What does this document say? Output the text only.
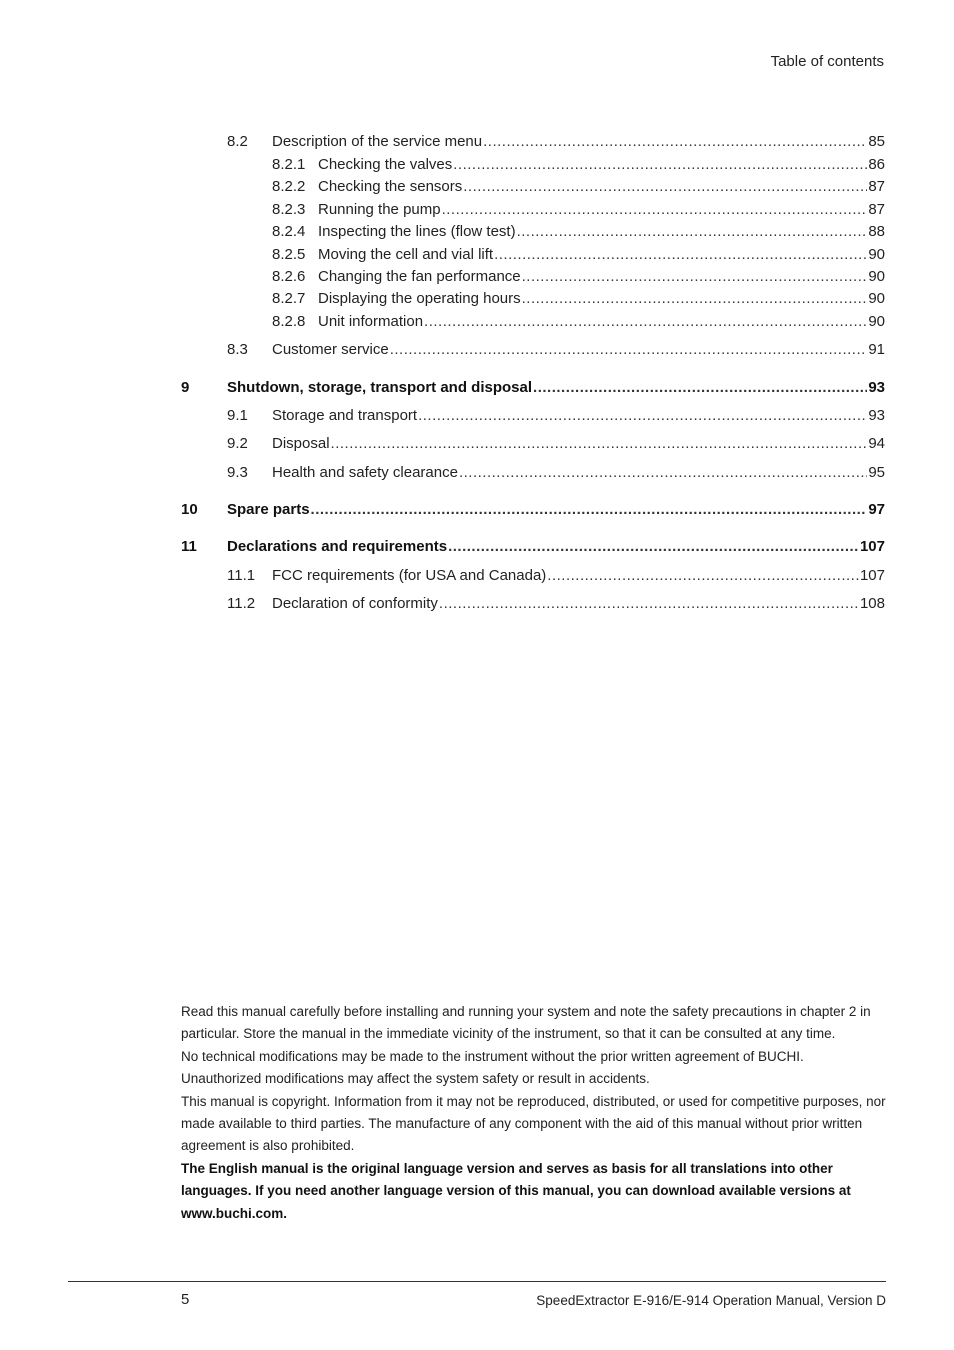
Table of contents
8.2 Description of the service menu .....	85
8.2.1 Checking the valves .....	86
8.2.2 Checking the sensors .....	87
8.2.3 Running the pump .....	87
8.2.4 Inspecting the lines (flow test) .....	88
8.2.5 Moving the cell and vial lift .....	90
8.2.6 Changing the fan performance .....	90
8.2.7 Displaying the operating hours .....	90
8.2.8 Unit information .....	90
8.3 Customer service .....	91
9	Shutdown, storage, transport and disposal .....	93
9.1 Storage and transport .....	93
9.2 Disposal .....	94
9.3 Health and safety clearance .....	95
10 Spare parts .....	97
11 Declarations and requirements .....	107
11.1 FCC requirements (for USA and Canada) .....	107
11.2 Declaration of conformity .....	108

Read this manual carefully before installing and running your system and note the safety precautions in chapter 2 in particular. Store the manual in the immediate vicinity of the instrument, so that it can be consulted at any time.

No technical modifications may be made to the instrument without the prior written agreement of BUCHI. Unauthorized modifications may affect the system safety or result in accidents.

This manual is copyright. Information from it may not be reproduced, distributed, or used for competitive purposes, nor made available to third parties. The manufacture of any component with the aid of this manual without prior written agreement is also prohibited.

The English manual is the original language version and serves as basis for all translations into other languages. If you need another language version of this manual, you can download available versions at www.buchi.com.

5	SpeedExtractor E-916/E-914 Operation Manual, Version D
